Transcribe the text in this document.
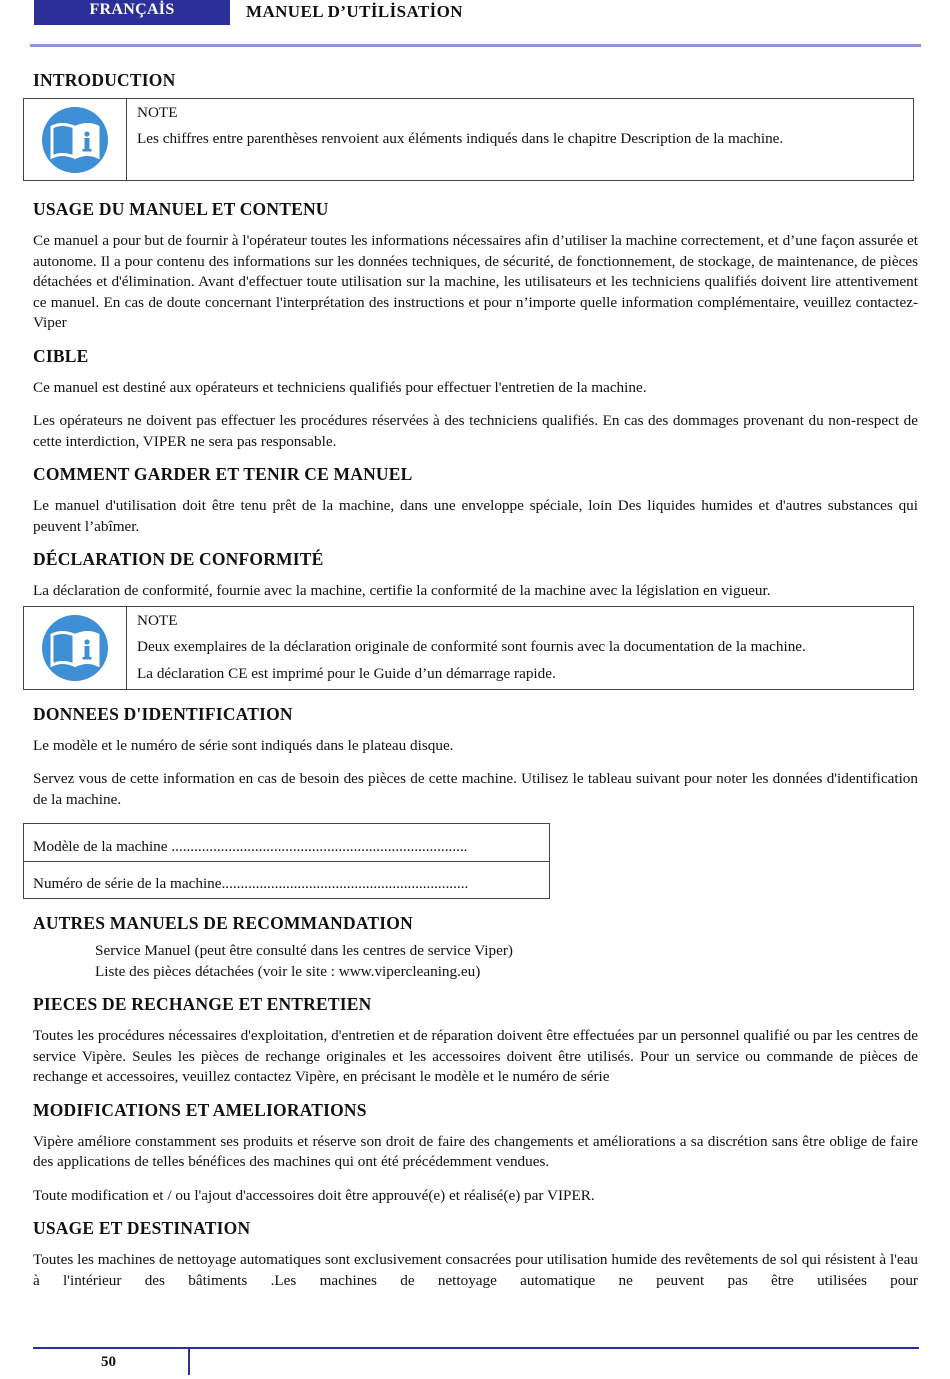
FRANÇAİS	MANUEL D’UTİLİSATİON
INTRODUCTION
NOTE
Les chiffres entre parenthèses renvoient aux éléments indiqués dans le chapitre Description de la machine.
USAGE DU MANUEL ET CONTENU

Ce manuel a pour but de fournir à l'opérateur toutes les informations nécessaires afin d’utiliser la machine correctement, et d’une façon assurée et autonome. Il a pour contenu des informations sur les données techniques, de sécurité, de fonctionnement, de stockage, de maintenance, de pièces détachées et d'élimination. Avant d'effectuer toute utilisation sur la machine, les utilisateurs et les techniciens qualifiés doivent lire attentivement ce manuel. En cas de doute concernant l'interprétation des instructions et pour n’importe quelle information complémentaire, veuillez contactez-Viper

CIBLE

Ce manuel est destiné aux opérateurs et techniciens qualifiés pour effectuer l'entretien de la machine.

Les opérateurs ne doivent pas effectuer les procédures réservées à des techniciens qualifiés. En cas des dommages provenant du non-respect de cette interdiction, VIPER ne sera pas responsable.

COMMENT GARDER ET TENIR CE MANUEL

Le manuel d'utilisation doit être tenu prêt de la machine, dans une enveloppe spéciale, loin Des liquides humides et d'autres substances qui peuvent l’abîmer.

DÉCLARATION DE CONFORMITÉ

La déclaration de conformité, fournie avec la machine, certifie la conformité de la machine avec la législation en vigueur.

NOTE
Deux exemplaires de la déclaration originale de conformité sont fournis avec la documentation de la machine.
La déclaration CE est imprimé pour le Guide d’un démarrage rapide.
DONNEES D'IDENTIFICATION

Le modèle et le numéro de série sont indiqués dans le plateau disque.

Servez vous de cette information en cas de besoin des pièces de cette machine. Utilisez le tableau suivant pour noter les données d'identification de la machine.

Modèle de la machine ..............................................................................
Numéro de série de la machine.................................................................
AUTRES MANUELS DE RECOMMANDATION

Service Manuel (peut être consulté dans les centres de service Viper)

Liste des pièces détachées (voir le site : www.vipercleaning.eu)

PIECES DE RECHANGE ET ENTRETIEN

Toutes les procédures nécessaires d'exploitation, d'entretien et de réparation doivent être effectuées par un personnel qualifié ou par les centres de service Vipère. Seules les pièces de rechange originales et les accessoires doivent être utilisés. Pour un service ou commande de pièces de rechange et accessoires, veuillez contactez Vipère, en précisant le modèle et le numéro de série

MODIFICATIONS ET AMELIORATIONS

Vipère améliore constamment ses produits et réserve son droit de faire des changements et améliorations a sa discrétion sans être oblige de faire des applications de telles bénéfices des machines qui ont été précédemment vendues.

Toute modification et / ou l'ajout d'accessoires doit être approuvé(e) et réalisé(e) par VIPER.

USAGE ET DESTINATION

Toutes les machines de nettoyage automatiques sont exclusivement consacrées pour utilisation humide des revêtements de sol qui résistent à l'eau à l'intérieur des bâtiments .Les machines de nettoyage automatique ne peuvent pas être utilisées pour

50
